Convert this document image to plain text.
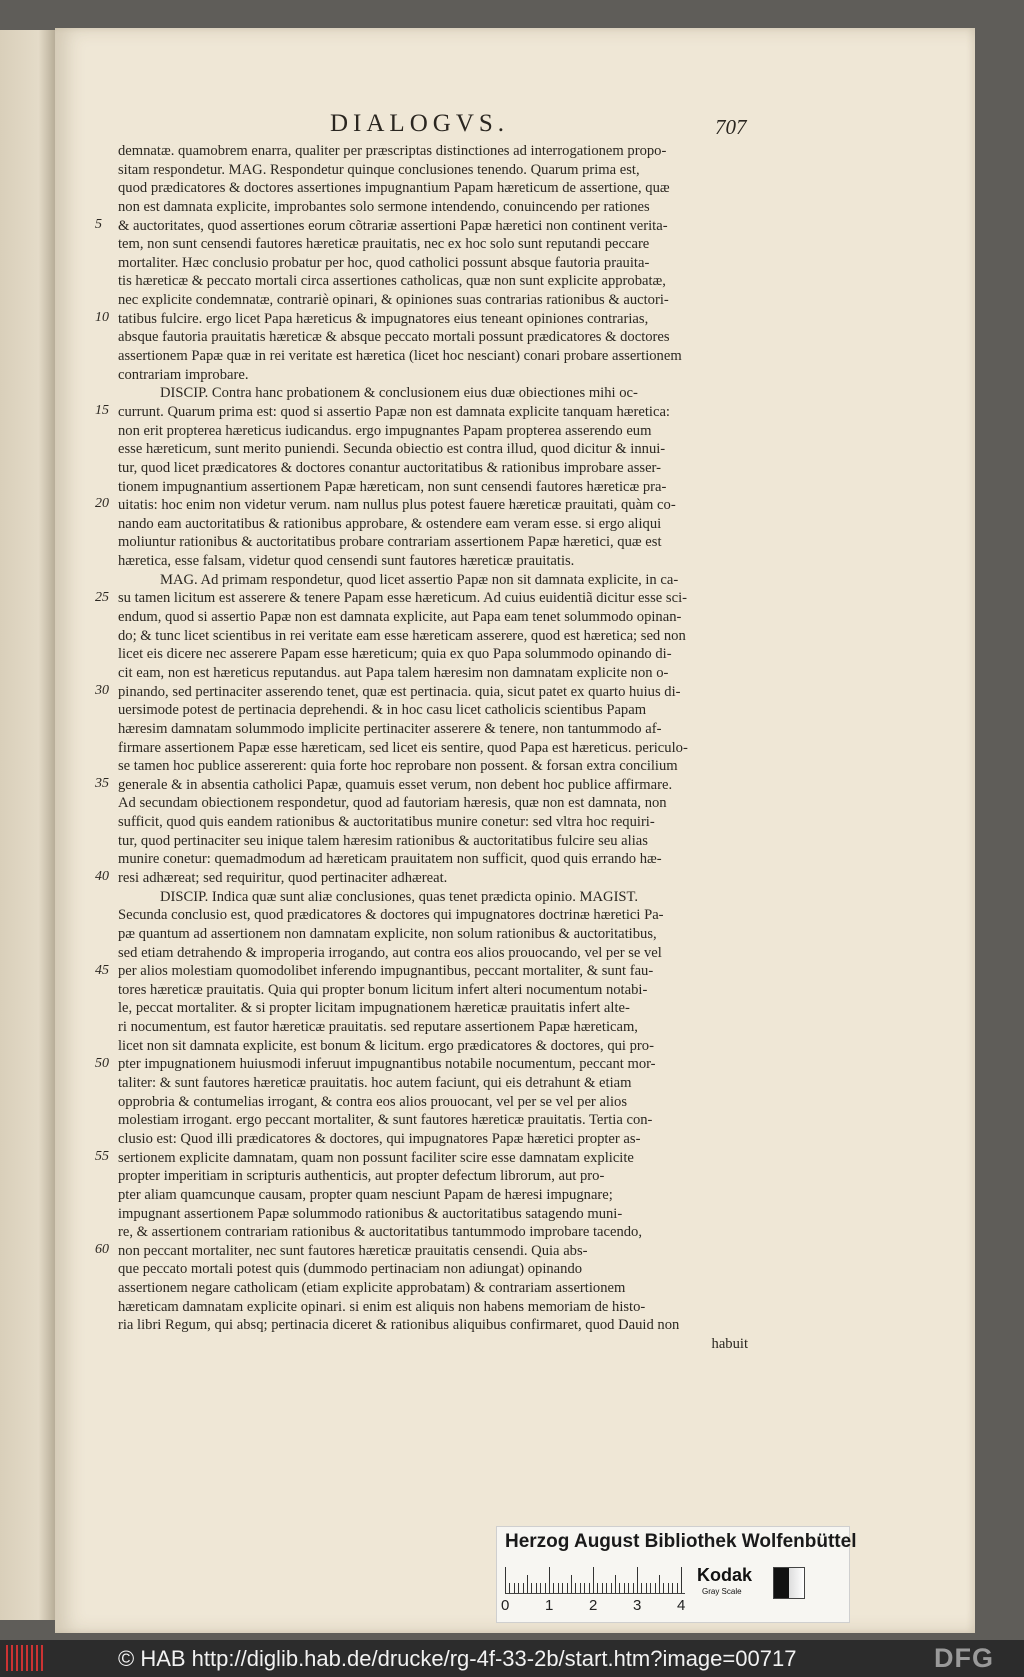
DIALOGVS.	707
demnatæ. quamobrem enarra, qualiter per præscriptas distinctiones ad interrogationem propo-
sitam respondetur. MAG. Respondetur quinque conclusiones tenendo. Quarum prima est,
quod prædicatores & doctores assertiones impugnantium Papam hæreticum de assertione, quæ
non est damnata explicite, improbantes solo sermone intendendo, conuincendo per rationes
& auctoritates, quod assertiones eorum cõtrariæ assertioni Papæ hæretici non continent verita-
tem, non sunt censendi fautores hæreticæ prauitatis, nec ex hoc solo sunt reputandi peccare
mortaliter. Hæc conclusio probatur per hoc, quod catholici possunt absque fautoria prauita-
tis hæreticæ & peccato mortali circa assertiones catholicas, quæ non sunt explicite approbatæ,
nec explicite condemnatæ, contrariè opinari, & opiniones suas contrarias rationibus & auctori-
tatibus fulcire. ergo licet Papa hæreticus & impugnatores eius teneant opiniones contrarias,
absque fautoria prauitatis hæreticæ & absque peccato mortali possunt prædicatores & doctores
assertionem Papæ quæ in rei veritate est hæretica (licet hoc nesciant) conari probare assertionem
contrariam improbare.
DISCIP. Contra hanc probationem & conclusionem eius duæ obiectiones mihi oc-
currunt. Quarum prima est: quod si assertio Papæ non est damnata explicite tanquam hæretica:
non erit propterea hæreticus iudicandus. ergo impugnantes Papam propterea asserendo eum
esse hæreticum, sunt merito puniendi. Secunda obiectio est contra illud, quod dicitur & innui-
tur, quod licet prædicatores & doctores conantur auctoritatibus & rationibus improbare asser-
tionem impugnantium assertionem Papæ hæreticam, non sunt censendi fautores hæreticæ pra-
uitatis: hoc enim non videtur verum. nam nullus plus potest fauere hæreticæ prauitati, quàm co-
nando eam auctoritatibus & rationibus approbare, & ostendere eam veram esse. si ergo aliqui
moliuntur rationibus & auctoritatibus probare contrariam assertionem Papæ hæretici, quæ est
hæretica, esse falsam, videtur quod censendi sunt fautores hæreticæ prauitatis.
MAG. Ad primam respondetur, quod licet assertio Papæ non sit damnata explicite, in ca-
su tamen licitum est asserere & tenere Papam esse hæreticum. Ad cuius euidentiã dicitur esse sci-
endum, quod si assertio Papæ non est damnata explicite, aut Papa eam tenet solummodo opinan-
do; & tunc licet scientibus in rei veritate eam esse hæreticam asserere, quod est hæretica; sed non
licet eis dicere nec asserere Papam esse hæreticum; quia ex quo Papa solummodo opinando di-
cit eam, non est hæreticus reputandus. aut Papa talem hæresim non damnatam explicite non o-
pinando, sed pertinaciter asserendo tenet, quæ est pertinacia. quia, sicut patet ex quarto huius di-
uersimode potest de pertinacia deprehendi. & in hoc casu licet catholicis scientibus Papam
hæresim damnatam solummodo implicite pertinaciter asserere & tenere, non tantummodo af-
firmare assertionem Papæ esse hæreticam, sed licet eis sentire, quod Papa est hæreticus. periculo-
se tamen hoc publice assererent: quia forte hoc reprobare non possent. & forsan extra concilium
generale & in absentia catholici Papæ, quamuis esset verum, non debent hoc publice affirmare.
Ad secundam obiectionem respondetur, quod ad fautoriam hæresis, quæ non est damnata, non
sufficit, quod quis eandem rationibus & auctoritatibus munire conetur: sed vltra hoc requiri-
tur, quod pertinaciter seu inique talem hæresim rationibus & auctoritatibus fulcire seu alias
munire conetur: quemadmodum ad hæreticam prauitatem non sufficit, quod quis errando hæ-
resi adhæreat; sed requiritur, quod pertinaciter adhæreat.
DISCIP. Indica quæ sunt aliæ conclusiones, quas tenet prædicta opinio. MAGIST.
Secunda conclusio est, quod prædicatores & doctores qui impugnatores doctrinæ hæretici Pa-
pæ quantum ad assertionem non damnatam explicite, non solum rationibus & auctoritatibus,
sed etiam detrahendo & improperia irrogando, aut contra eos alios prouocando, vel per se vel
per alios molestiam quomodolibet inferendo impugnantibus, peccant mortaliter, & sunt fau-
tores hæreticæ prauitatis. Quia qui propter bonum licitum infert alteri nocumentum notabi-
le, peccat mortaliter. & si propter licitam impugnationem hæreticæ prauitatis infert alte-
ri nocumentum, est fautor hæreticæ prauitatis. sed reputare assertionem Papæ hæreticam,
licet non sit damnata explicite, est bonum & licitum. ergo prædicatores & doctores, qui pro-
pter impugnationem huiusmodi inferuut impugnantibus notabile nocumentum, peccant mor-
taliter: & sunt fautores hæreticæ prauitatis. hoc autem faciunt, qui eis detrahunt & etiam
opprobria & contumelias irrogant, & contra eos alios prouocant, vel per se vel per alios
molestiam irrogant. ergo peccant mortaliter, & sunt fautores hæreticæ prauitatis. Tertia con-
clusio est: Quod illi prædicatores & doctores, qui impugnatores Papæ hæretici propter as-
sertionem explicite damnatam, quam non possunt faciliter scire esse damnatam explicite
propter imperitiam in scripturis authenticis, aut propter defectum librorum, aut pro-
pter aliam quamcunque causam, propter quam nesciunt Papam de hæresi impugnare;
impugnant assertionem Papæ solummodo rationibus & auctoritatibus satagendo muni-
re, & assertionem contrariam rationibus & auctoritatibus tantummodo improbare tacendo,
non peccant mortaliter, nec sunt fautores hæreticæ prauitatis censendi. Quia abs-
que peccato mortali potest quis (dummodo pertinaciam non adiungat) opinando
assertionem negare catholicam (etiam explicite approbatam) & contrariam assertionem
hæreticam damnatam explicite opinari. si enim est aliquis non habens memoriam de histo-
ria libri Regum, qui absq; pertinacia diceret & rationibus aliquibus confirmaret, quod Dauid non
habuit
5
10
15
20
25
30
35
40
45
50
55
60
Herzog August Bibliothek Wolfenbüttel
0 1 2 3 4
Kodak
Gray Scale
© HAB http://diglib.hab.de/drucke/rg-4f-33-2b/start.htm?image=00717	DFG
